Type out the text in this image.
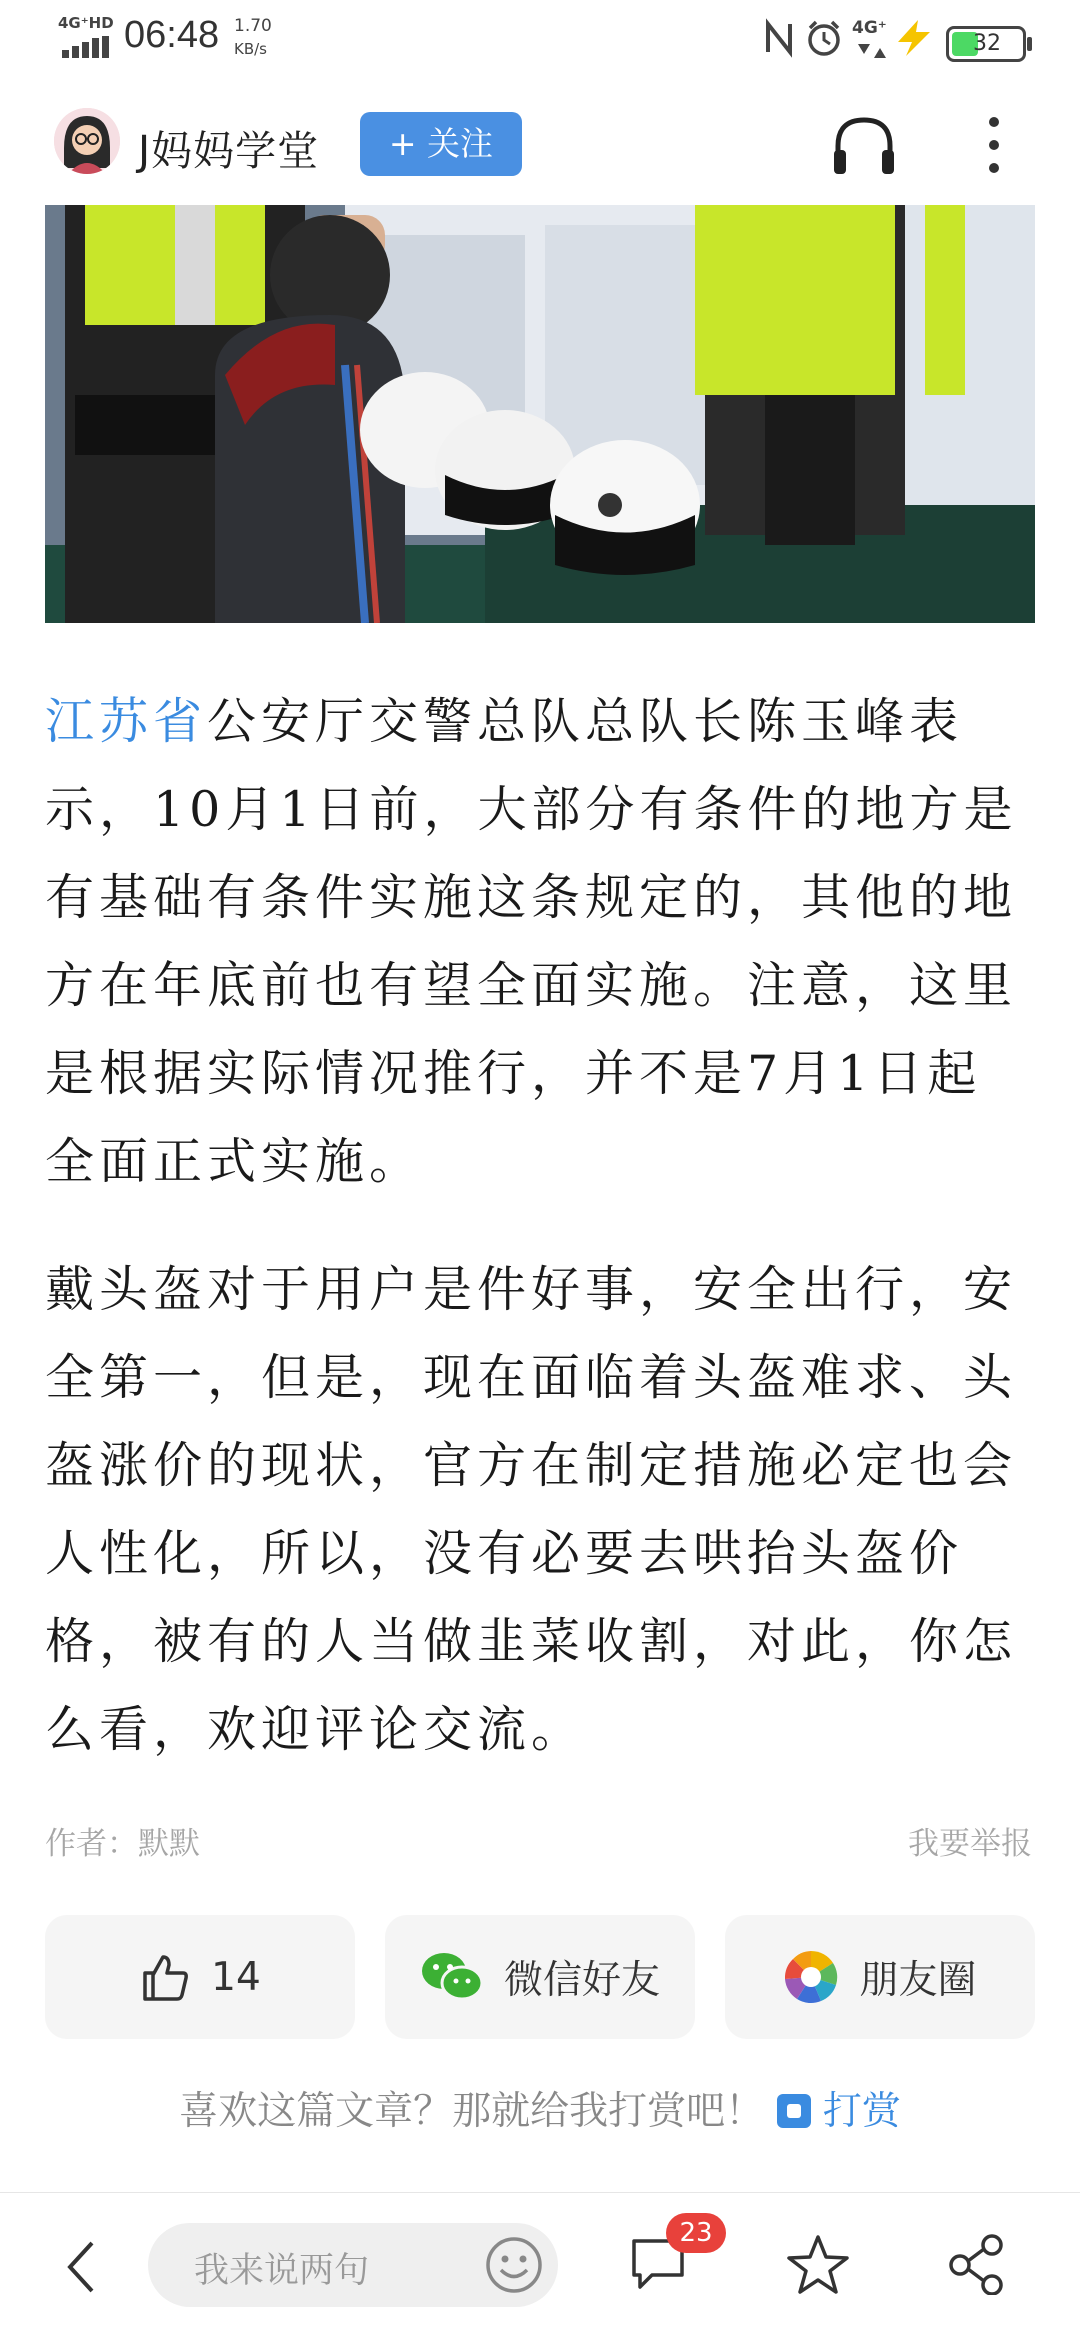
4G⁺HD 06:48 1.70
KB/s
4G⁺
32
J妈妈学堂	+ 关注

江苏省公安厅交警总队总队长陈玉峰表示，10月1日前，大部分有条件的地方是有基础有条件实施这条规定的，其他的地方在年底前也有望全面实施。注意，这里是根据实际情况推行，并不是7月1日起全面正式实施。

戴头盔对于用户是件好事，安全出行，安全第一，但是，现在面临着头盔难求、头盔涨价的现状，官方在制定措施必定也会人性化，所以，没有必要去哄抬头盔价格，被有的人当做韭菜收割，对此，你怎么看，欢迎评论交流。

作者：默默	我要举报
14	微信好友	朋友圈
喜欢这篇文章？那就给我打赏吧！ 打赏
我来说两句
23
